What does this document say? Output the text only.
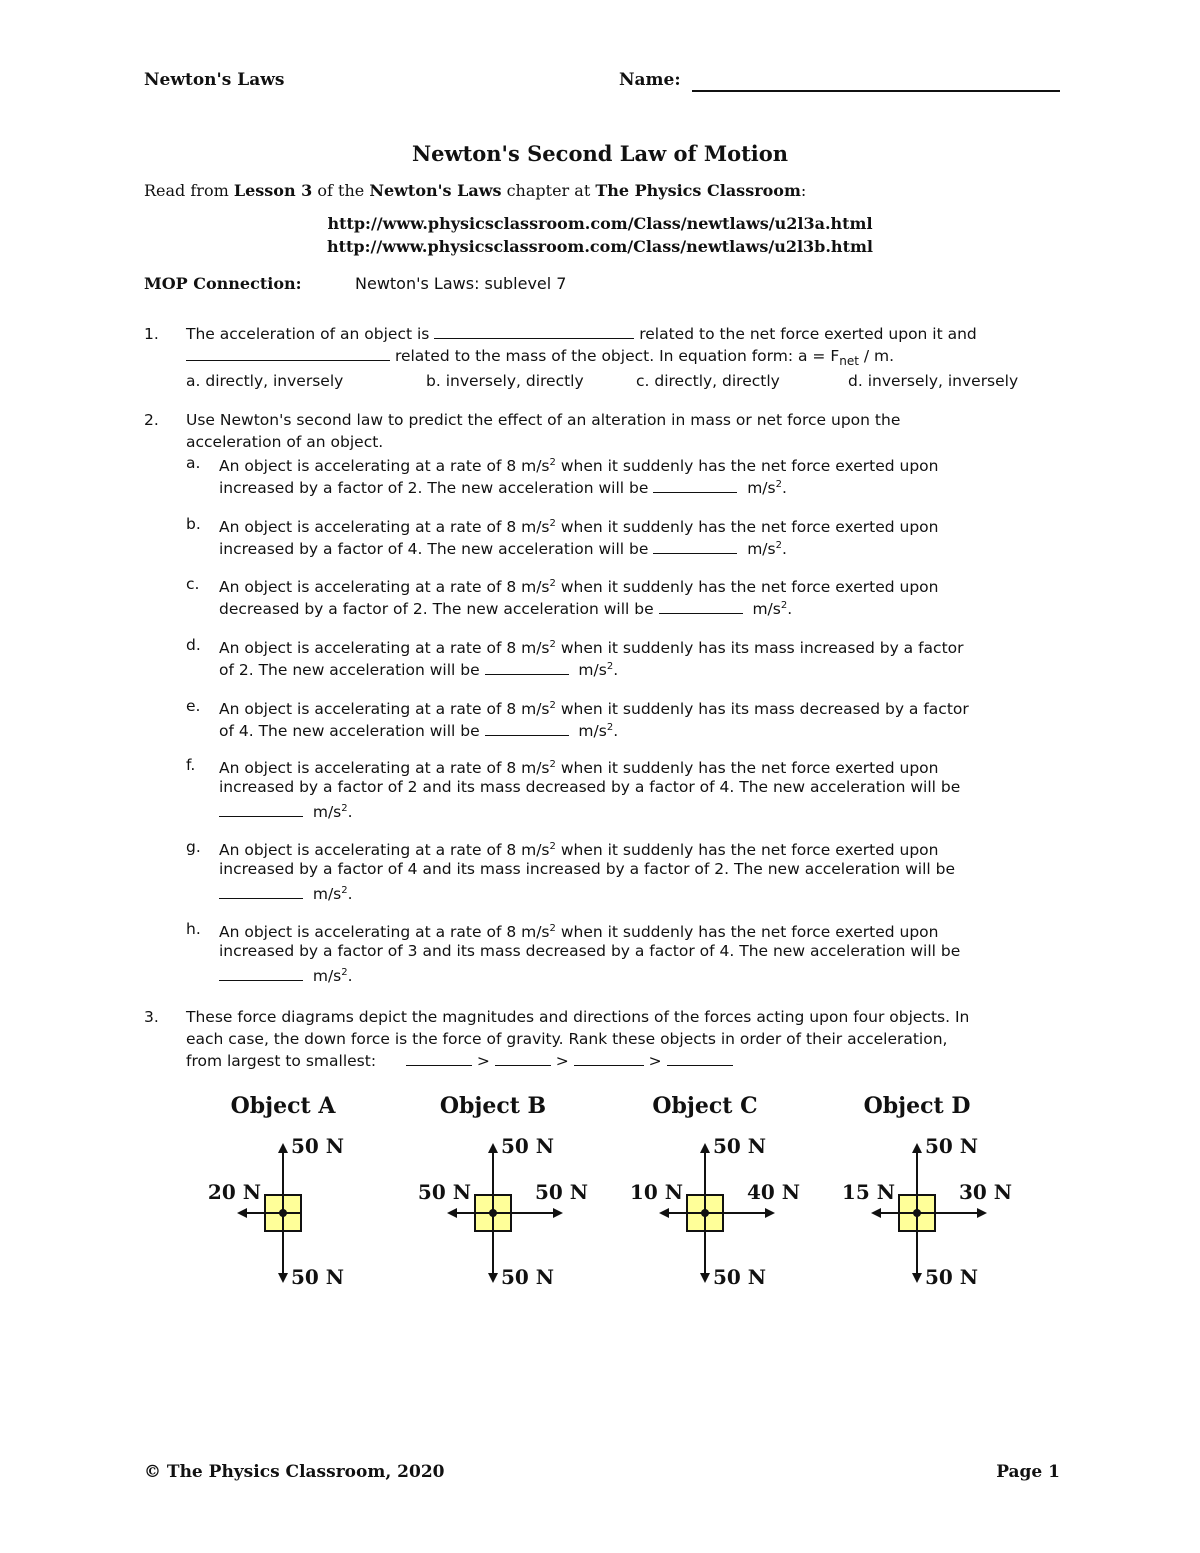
Newton's Laws	Name:
Newton's Second Law of Motion
Read from Lesson 3 of the Newton's Laws chapter at The Physics Classroom:
http://www.physicsclassroom.com/Class/newtlaws/u2l3a.html
http://www.physicsclassroom.com/Class/newtlaws/u2l3b.html
MOP Connection:	Newton's Laws: sublevel 7
1. The acceleration of an object is	related to the net force exerted upon it and
related to the mass of the object. In equation form: $a = F_{net} / m$.
a. directly, inversely	b. inversely, directly	c. directly, directly	d. inversely, inversely
2. Use Newton's second law to predict the effect of an alteration in mass or net force upon the
acceleration of an object.
a. An object is accelerating at a rate of 8 $m/s^2$ when it suddenly has the net force exerted upon
increased by a factor of 2. The new acceleration will be	$m/s^2$.
b. An object is accelerating at a rate of 8 $m/s^2$ when it suddenly has the net force exerted upon
increased by a factor of 4. The new acceleration will be	$m/s^2$.
c. An object is accelerating at a rate of 8 $m/s^2$ when it suddenly has the net force exerted upon
decreased by a factor of 2. The new acceleration will be	$m/s^2$.
d. An object is accelerating at a rate of 8 $m/s^2$ when it suddenly has its mass increased by a factor
of 2. The new acceleration will be	$m/s^2$.
e. An object is accelerating at a rate of 8 $m/s^2$ when it suddenly has its mass decreased by a factor
of 4. The new acceleration will be	$m/s^2$.
f. An object is accelerating at a rate of 8 $m/s^2$ when it suddenly has the net force exerted upon
increased by a factor of 2 and its mass decreased by a factor of 4. The new acceleration will be
$m/s^2$.
g. An object is accelerating at a rate of 8 $m/s^2$ when it suddenly has the net force exerted upon
increased by a factor of 4 and its mass increased by a factor of 2. The new acceleration will be
$m/s^2$.
h. An object is accelerating at a rate of 8 $m/s^2$ when it suddenly has the net force exerted upon
increased by a factor of 3 and its mass decreased by a factor of 4. The new acceleration will be
$m/s^2$.
3. These force diagrams depict the magnitudes and directions of the forces acting upon four objects. In
each case, the down force is the force of gravity. Rank these objects in order of their acceleration,
from largest to smallest:	>	>	>
Object A
50 N
50 N
20 N
Object B
50 N
50 N
50 N	50 N
Object C
50 N
50 N
10 N	40 N
Object D
50 N
50 N
15 N	30 N
© The Physics Classroom, 2020	Page 1
